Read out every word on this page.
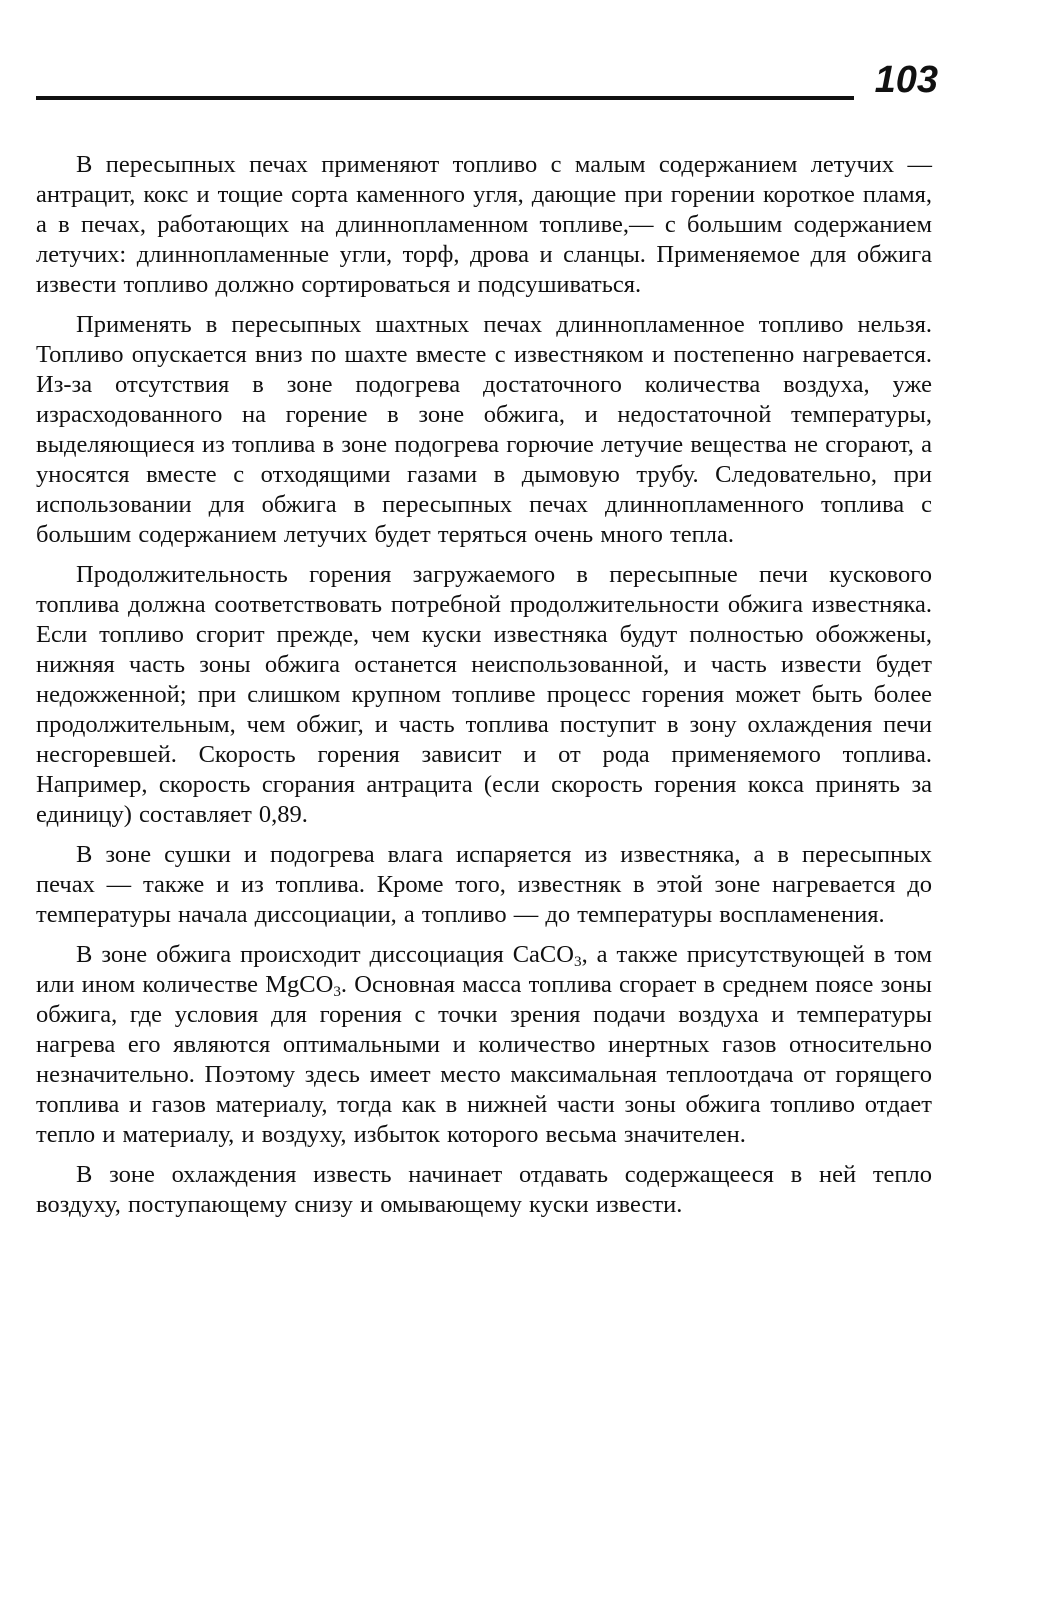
103

В пересыпных печах применяют топливо с малым содержанием летучих — антрацит, кокс и тощие сорта каменного угля, дающие при горении короткое пламя, а в печах, работающих на длиннопламенном топливе,— с большим содержанием летучих: длиннопламенные угли, торф, дрова и сланцы. Применяемое для обжига извести топливо должно сортироваться и подсушиваться.

Применять в пересыпных шахтных печах длиннопламенное топливо нельзя. Топливо опускается вниз по шахте вместе с известняком и постепенно нагревается. Из-за отсутствия в зоне подогрева достаточного количества воздуха, уже израсходованного на горение в зоне обжига, и недостаточной температуры, выделяющиеся из топлива в зоне подогрева горючие летучие вещества не сгорают, а уносятся вместе с отходящими газами в дымовую трубу. Следовательно, при использовании для обжига в пересыпных печах длиннопламенного топлива с большим содержанием летучих будет теряться очень много тепла.

Продолжительность горения загружаемого в пересыпные печи кускового топлива должна соответствовать потребной продолжительности обжига известняка. Если топливо сгорит прежде, чем куски известняка будут полностью обожжены, нижняя часть зоны обжига останется неиспользованной, и часть извести будет недожженной; при слишком крупном топливе процесс горения может быть более продолжительным, чем обжиг, и часть топлива поступит в зону охлаждения печи несгоревшей. Скорость горения зависит и от рода применяемого топлива. Например, скорость сгорания антрацита (если скорость горения кокса принять за единицу) составляет 0,89.

В зоне сушки и подогрева влага испаряется из известняка, а в пересыпных печах — также и из топлива. Кроме того, известняк в этой зоне нагревается до температуры начала диссоциации, а топливо — до температуры воспламенения.

В зоне обжига происходит диссоциация CaCO$_3$, а также присутствующей в том или ином количестве MgCO$_3$. Основная масса топлива сгорает в среднем поясе зоны обжига, где условия для горения с точки зрения подачи воздуха и температуры нагрева его являются оптимальными и количество инертных газов относительно незначительно. Поэтому здесь имеет место максимальная теплоотдача от горящего топлива и газов материалу, тогда как в нижней части зоны обжига топливо отдает тепло и материалу, и воздуху, избыток которого весьма значителен.

В зоне охлаждения известь начинает отдавать содержащееся в ней тепло воздуху, поступающему снизу и омывающему куски извести.
